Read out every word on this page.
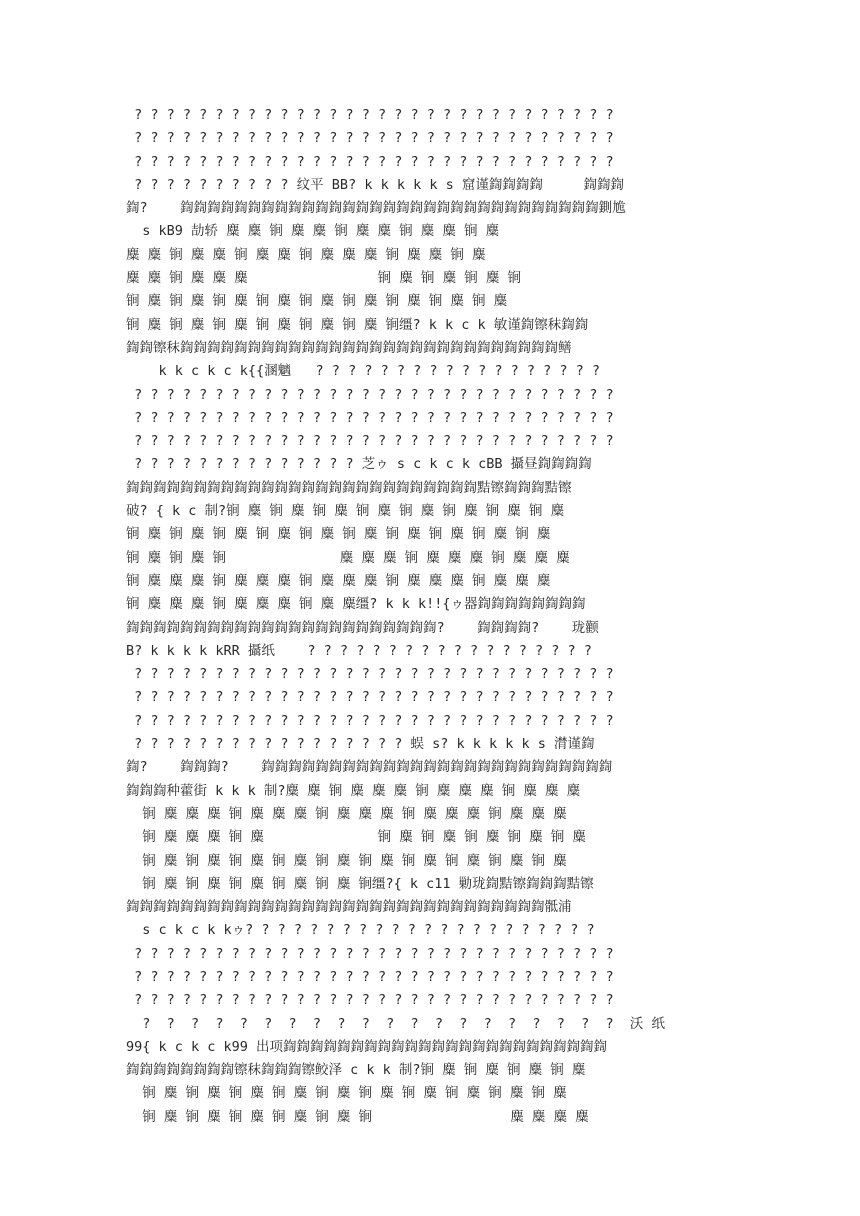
? ? ? ? ? ? ? ? ? ? ? ? ? ? ? ? ? ? ? ? ? ? ? ? ? ? ? ? ? ?
? ? ? ? ? ? ? ? ? ? ? ? ? ? ? ? ? ? ? ? ? ? ? ? ? ? ? ? ? ?
? ? ? ? ? ? ? ? ? ? ? ? ? ? ? ? ? ? ? ? ? ? ? ? ? ? ? ? ? ?
? ? ? ? ? ? ? ? ? ? 纹平 BB? k k k k k s 窟谨鍧鍧鍧鍧     鍧鍧鍧
鍧?    鍧鍧鍧鍧鍧鍧鍧鍧鍧鍧鍧鍧鍧鍧鍧鍧鍧鍧鍧鍧鍧鍧鍧鍧鍧鍧鍧鍧鍧鍧鍧鍘尯
s kB9 劼轿 麋 麋 锏 麋 麋 锏 麋 麋 锏 麋 麋 锏 麋
麋 麋 锏 麋 麋 锏 麋 麋 锏 麋 麋 麋 锏 麋 麋 锏 麋
麋 麋 锏 麋 麋 麋                锏 麋 锏 麋 锏 麋 锏
锏 麋 锏 麋 锏 麋 锏 麋 锏 麋 锏 麋 锏 麋 锏 麋 锏 麋
锏 麋 锏 麋 锏 麋 锏 麋 锏 麋 锏 麋 锏缰? k k c k 敏谨鍧镲秣鍧鍧
鍧鍧镲秣鍧鍧鍧鍧鍧鍧鍧鍧鍧鍧鍧鍧鍧鍧鍧鍧鍧鍧鍧鍧鍧鍧鍧鍧鍧鍧鍧鍧鳝
k k c k c k{{溷魑   ? ? ? ? ? ? ? ? ? ? ? ? ? ? ? ? ? ?
? ? ? ? ? ? ? ? ? ? ? ? ? ? ? ? ? ? ? ? ? ? ? ? ? ? ? ? ? ?
? ? ? ? ? ? ? ? ? ? ? ? ? ? ? ? ? ? ? ? ? ? ? ? ? ? ? ? ? ?
? ? ? ? ? ? ? ? ? ? ? ? ? ? ? ? ? ? ? ? ? ? ? ? ? ? ? ? ? ?
? ? ? ? ? ? ? ? ? ? ? ? ? ? 芝ゥ s c k c k cBB 攝昼鍧鍧鍧鍧
鍧鍧鍧鍧鍧鍧鍧鍧鍧鍧鍧鍧鍧鍧鍧鍧鍧鍧鍧鍧鍧鍧鍧鍧鍧鍧黠镲鍧鍧鍧黠镲
破? { k c 制?锏 麋 锏 麋 锏 麋 锏 麋 锏 麋 锏 麋 锏 麋 锏 麋
锏 麋 锏 麋 锏 麋 锏 麋 锏 麋 锏 麋 锏 麋 锏 麋 锏 麋 锏 麋
锏 麋 锏 麋 锏              麋 麋 麋 锏 麋 麋 麋 锏 麋 麋 麋
锏 麋 麋 麋 锏 麋 麋 麋 锏 麋 麋 麋 锏 麋 麋 麋 锏 麋 麋 麋
锏 麋 麋 麋 锏 麋 麋 麋 锏 麋 麋缰? k k k!!{ゥ器鍧鍧鍧鍧鍧鍧鍧鍧
鍧鍧鍧鍧鍧鍧鍧鍧鍧鍧鍧鍧鍧鍧鍧鍧鍧鍧鍧鍧鍧鍧鍧?    鍧鍧鍧鍧?    珑颧
B? k k k k kRR 攝纸    ? ? ? ? ? ? ? ? ? ? ? ? ? ? ? ? ? ?
? ? ? ? ? ? ? ? ? ? ? ? ? ? ? ? ? ? ? ? ? ? ? ? ? ? ? ? ? ?
? ? ? ? ? ? ? ? ? ? ? ? ? ? ? ? ? ? ? ? ? ? ? ? ? ? ? ? ? ?
? ? ? ? ? ? ? ? ? ? ? ? ? ? ? ? ? ? ? ? ? ? ? ? ? ? ? ? ? ?
? ? ? ? ? ? ? ? ? ? ? ? ? ? ? ? ? 蜈 s? k k k k k s 潸谨鍧
鍧?    鍧鍧鍧?    鍧鍧鍧鍧鍧鍧鍧鍧鍧鍧鍧鍧鍧鍧鍧鍧鍧鍧鍧鍧鍧鍧鍧鍧鍧鍧
鍧鍧鍧种藿街 k k k 制?麋 麋 锏 麋 麋 麋 锏 麋 麋 麋 锏 麋 麋 麋
锏 麋 麋 麋 锏 麋 麋 麋 锏 麋 麋 麋 锏 麋 麋 麋 锏 麋 麋 麋
锏 麋 麋 麋 锏 麋              锏 麋 锏 麋 锏 麋 锏 麋 锏 麋
锏 麋 锏 麋 锏 麋 锏 麋 锏 麋 锏 麋 锏 麋 锏 麋 锏 麋 锏 麋
锏 麋 锏 麋 锏 麋 锏 麋 锏 麋 锏缰?{ k c11 勦珑鍧黠镲鍧鍧鍧黠镲
鍧鍧鍧鍧鍧鍧鍧鍧鍧鍧鍧鍧鍧鍧鍧鍧鍧鍧鍧鍧鍧鍧鍧鍧鍧鍧鍧鍧鍧鍧鍧骶浦
s c k c k kゥ? ? ? ? ? ? ? ? ? ? ? ? ? ? ? ? ? ? ? ? ? ?
? ? ? ? ? ? ? ? ? ? ? ? ? ? ? ? ? ? ? ? ? ? ? ? ? ? ? ? ? ?
? ? ? ? ? ? ? ? ? ? ? ? ? ? ? ? ? ? ? ? ? ? ? ? ? ? ? ? ? ?
? ? ? ? ? ? ? ? ? ? ? ? ? ? ? ? ? ? ? ? ? ? ? ? ? ? ? ? ? ?
?  ?  ?  ?  ?  ?  ?  ?  ?  ?  ?  ?  ?  ?  ?  ?  ?  ?  ?  ?  沃 纸
99{ k c k c k99 出项鍧鍧鍧鍧鍧鍧鍧鍧鍧鍧鍧鍧鍧鍧鍧鍧鍧鍧鍧鍧鍧鍧鍧鍧
鍧鍧鍧鍧鍧鍧鍧鍧镲秣鍧鍧鍧镲鲛泽 c k k 制?锏 麋 锏 麋 锏 麋 锏 麋
锏 麋 锏 麋 锏 麋 锏 麋 锏 麋 锏 麋 锏 麋 锏 麋 锏 麋 锏 麋
锏 麋 锏 麋 锏 麋 锏 麋 锏 麋 锏                 麋 麋 麋 麋
